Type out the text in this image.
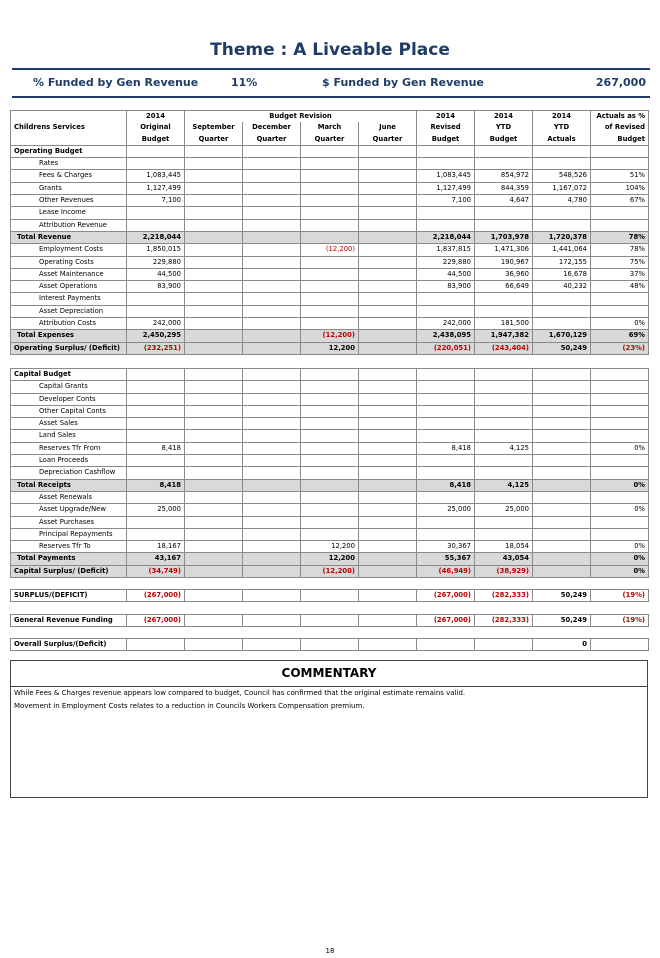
Theme : A Liveable Place
% Funded by Gen Revenue	11%	$ Funded by Gen Revenue	267,000
	2014	Budget Revision				2014	2014	2014	Actuals as %
Childrens Services	Original	September	December	March	June	Revised	YTD	YTD	of Revised
	Budget	Quarter	Quarter	Quarter	Quarter	Budget	Budget	Actuals	Budget
Operating Budget									
Rates									
Fees & Charges	1,083,445					1,083,445	854,972	548,526	51%
Grants	1,127,499					1,127,499	844,359	1,167,072	104%
Other Revenues	7,100					7,100	4,647	4,780	67%
Lease Income									
Attribution Revenue									
Total Revenue	2,218,044					2,218,044	1,703,978	1,720,378	78%
Employment Costs	1,850,015			(12,200)		1,837,815	1,471,306	1,441,064	78%
Operating Costs	229,880					229,880	190,967	172,155	75%
Asset Maintenance	44,500					44,500	36,960	16,678	37%
Asset Operations	83,900					83,900	66,649	40,232	48%
Interest Payments									
Asset Depreciation									
Attribution Costs	242,000					242,000	181,500		0%
Total Expenses	2,450,295			(12,200)		2,438,095	1,947,382	1,670,129	69%
Operating Surplus/ (Deficit)	(232,251)			12,200		(220,051)	(243,404)	50,249	(23%)
Capital Budget									
Capital Grants									
Developer Conts									
Other Capital Conts									
Asset Sales									
Land Sales									
Reserves Tfr From	8,418					8,418	4,125		0%
Loan Proceeds									
Depreciation Cashflow									
Total Receipts	8,418					8,418	4,125		0%
Asset Renewals									
Asset Upgrade/New	25,000					25,000	25,000		0%
Asset Purchases									
Principal Repayments									
Reserves Tfr To	18,167			12,200		30,367	18,054		0%
Total Payments	43,167			12,200		55,367	43,054		0%
Capital Surplus/ (Deficit)	(34,749)			(12,200)		(46,949)	(38,929)		0%
SURPLUS/(DEFICIT)	(267,000)					(267,000)	(282,333)	50,249	(19%)
General Revenue Funding	(267,000)					(267,000)	(282,333)	50,249	(19%)
Overall Surplus/(Deficit)								0	
COMMENTARY
While Fees & Charges revenue appears low compared to budget, Council has confirmed that the original estimate remains valid.
Movement in Employment Costs relates to a reduction in Councils Workers Compensation premium.
18
